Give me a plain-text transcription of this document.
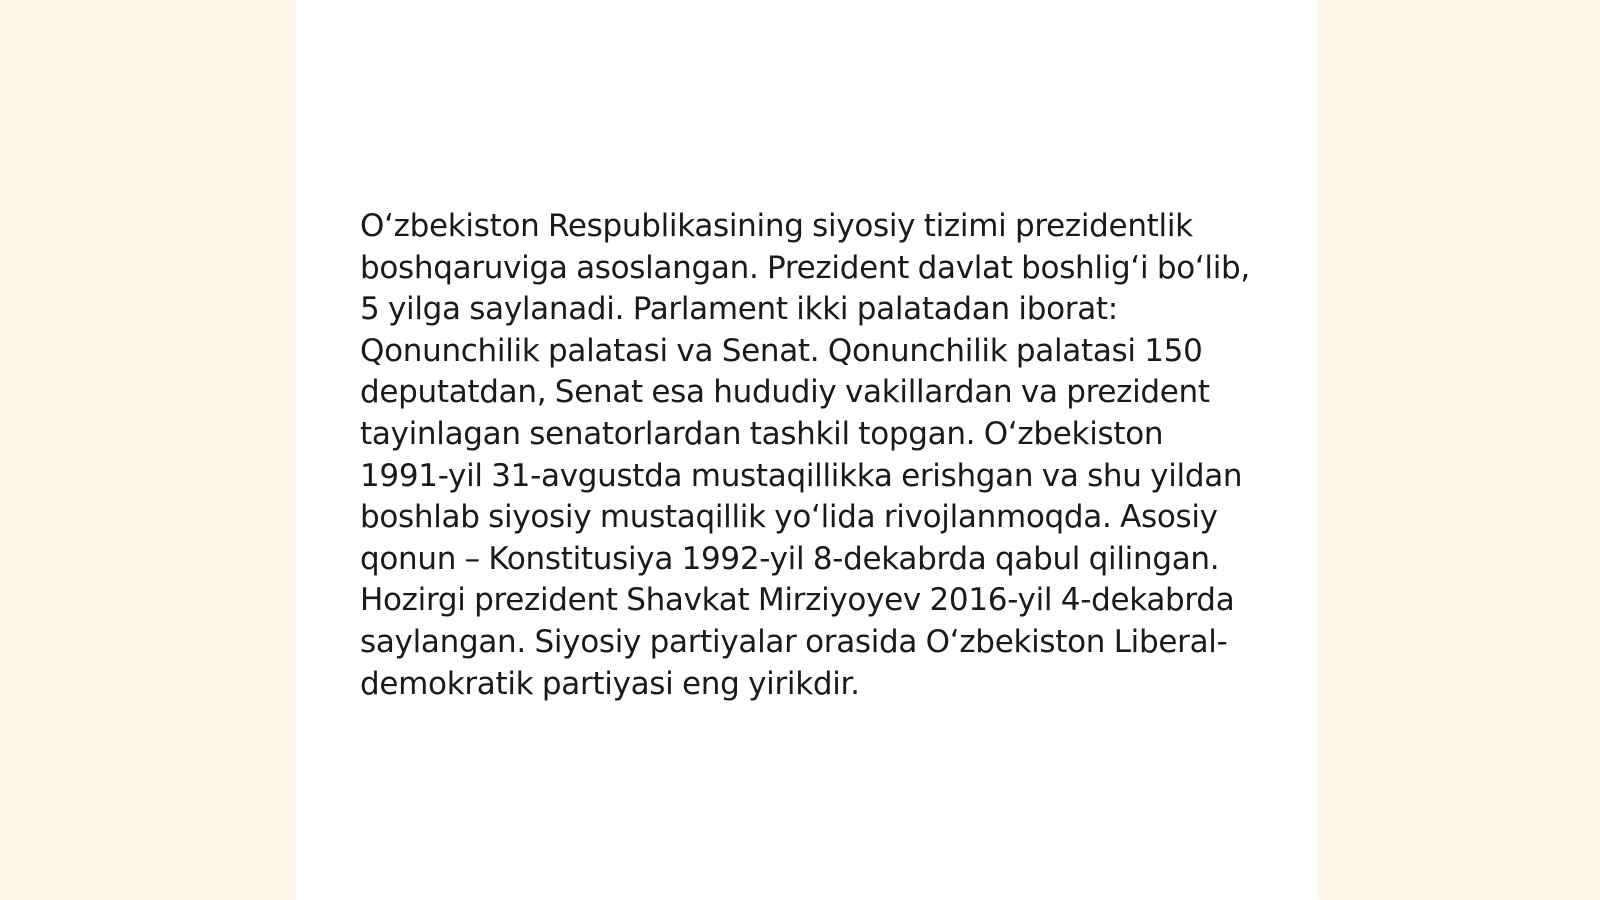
O‘zbekiston Respublikasining siyosiy tizimi prezidentlik boshqaruviga asoslangan. Prezident davlat boshlig‘i bo‘lib, 5 yilga saylanadi. Parlament ikki palatadan iborat: Qonunchilik palatasi va Senat. Qonunchilik palatasi 150 deputatdan, Senat esa hududiy vakillardan va prezident tayinlagan senatorlardan tashkil topgan. O‘zbekiston 1991-yil 31-avgustda mustaqillikka erishgan va shu yildan boshlab siyosiy mustaqillik yo‘lida rivojlanmoqda. Asosiy qonun – Konstitusiya 1992-yil 8-dekabrda qabul qilingan. Hozirgi prezident Shavkat Mirziyoyev 2016-yil 4-dekabrda saylangan. Siyosiy partiyalar orasida O‘zbekiston Liberal-demokratik partiyasi eng yirikdir.
